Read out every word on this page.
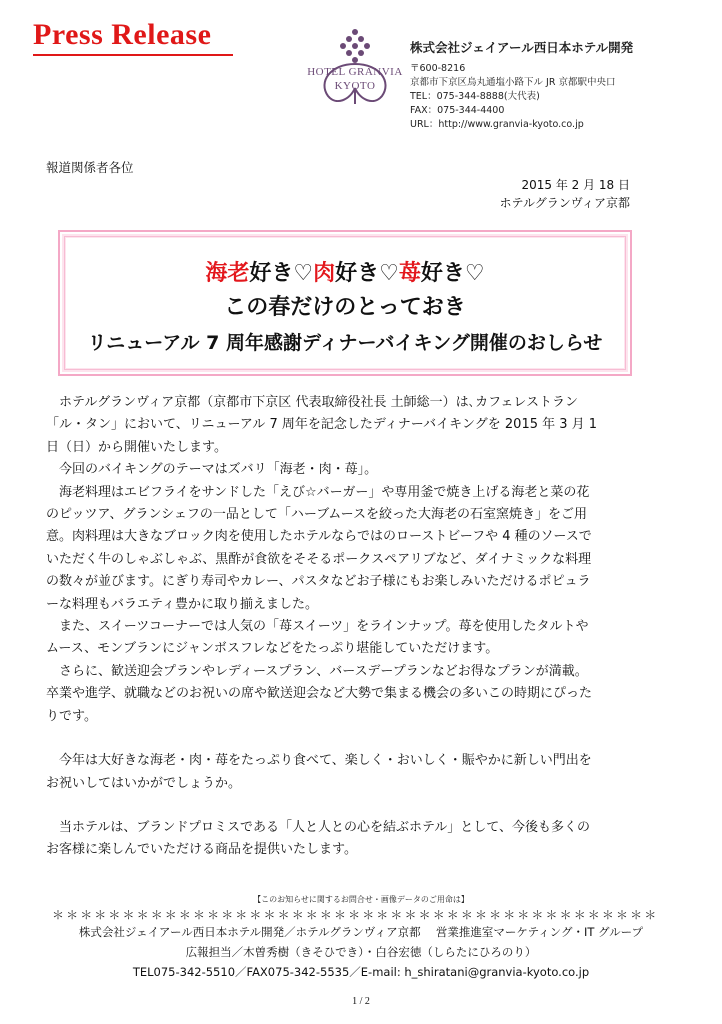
Press Release
HOTEL GRANVIA
KYOTO
株式会社ジェイアール西日本ホテル開発
〒600-8216
京都市下京区烏丸通塩小路下ル JR 京都駅中央口
TEL：075-344-8888(大代表)
FAX：075-344-4400
URL：http://www.granvia-kyoto.co.jp
報道関係者各位
2015 年 2 月 18 日
ホテルグランヴィア京都
海老好き♡肉好き♡苺好き♡
この春だけのとっておき
リニューアル 7 周年感謝ディナーバイキング開催のおしらせ

　ホテルグランヴィア京都（京都市下京区 代表取締役社長 土師総一）は､カフェレストラン

「ル・タン」において、リニューアル 7 周年を記念したディナーバイキングを 2015 年 3 月 1

日（日）から開催いたします。

　今回のバイキングのテーマはズバリ「海老・肉・苺」。

　海老料理はエビフライをサンドした「えび☆バーガー」や専用釜で焼き上げる海老と菜の花

のピッツア、グランシェフの一品として「ハーブムースを絞った大海老の石室窯焼き」をご用

意。肉料理は大きなブロック肉を使用したホテルならではのローストビーフや 4 種のソースで

いただく牛のしゃぶしゃぶ、黒酢が食欲をそそるポークスペアリブなど、ダイナミックな料理

の数々が並びます。にぎり寿司やカレー、パスタなどお子様にもお楽しみいただけるポピュラ

ーな料理もバラエティ豊かに取り揃えました。

　また、スイーツコーナーでは人気の「苺スイーツ」をラインナップ。苺を使用したタルトや

ムース、モンブランにジャンボスフレなどをたっぷり堪能していただけます。

　さらに、歓送迎会プランやレディースプラン、バースデープランなどお得なプランが満載。

卒業や進学、就職などのお祝いの席や歓送迎会など大勢で集まる機会の多いこの時期にぴった

りです。

　今年は大好きな海老・肉・苺をたっぷり食べて、楽しく・おいしく・賑やかに新しい門出を

お祝いしてはいかがでしょうか。

　当ホテルは、ブランドプロミスである「人と人との心を結ぶホテル」として、今後も多くの

お客様に楽しんでいただける商品を提供いたします。

【このお知らせに関するお問合せ・画像データのご用命は】
＊＊＊＊＊＊＊＊＊＊＊＊＊＊＊＊＊＊＊＊＊＊＊＊＊＊＊＊＊＊＊＊＊＊＊＊＊＊＊＊＊＊＊
株式会社ジェイアール西日本ホテル開発／ホテルグランヴィア京都　 営業推進室マーケティング・IT グループ
広報担当／木曽秀樹（きそひでき）・白谷宏徳（しらたにひろのり）
TEL075-342-5510／FAX075-342-5535／E-mail: h_shiratani@granvia-kyoto.co.jp
1 / 2
